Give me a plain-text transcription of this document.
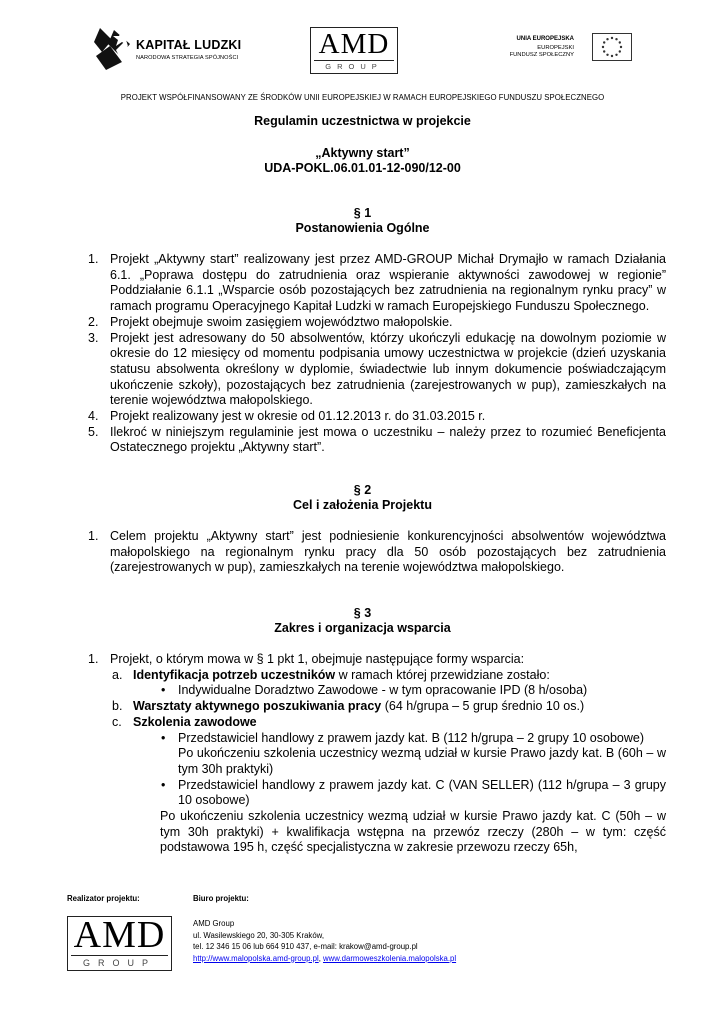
KAPITAŁ LUDZKI
NARODOWA STRATEGIA SPÓJNOŚCI	AMD
GROUP
UNIA EUROPEJSKA
EUROPEJSKI
FUNDUSZ SPOŁECZNY
PROJEKT WSPÓŁFINANSOWANY ZE ŚRODKÓW UNII EUROPEJSKIEJ W RAMACH EUROPEJSKIEGO FUNDUSZU SPOŁECZNEGO
Regulamin uczestnictwa w projekcie
„Aktywny start”
UDA-POKL.06.01.01-12-090/12-00
§ 1
Postanowienia Ogólne
1. Projekt „Aktywny start” realizowany jest przez AMD-GROUP Michał Drymajło w ramach Działania 6.1. „Poprawa dostępu do zatrudnienia oraz wspieranie aktywności zawodowej w regionie” Poddziałanie 6.1.1 „Wsparcie osób pozostających bez zatrudnienia na regionalnym rynku pracy” w ramach programu Operacyjnego Kapitał Ludzki w ramach Europejskiego Funduszu Społecznego.
2. Projekt obejmuje swoim zasięgiem województwo małopolskie.
3. Projekt jest adresowany do 50 absolwentów, którzy ukończyli edukację na dowolnym poziomie w okresie do 12 miesięcy od momentu podpisania umowy uczestnictwa w projekcie (dzień uzyskania statusu absolwenta określony w dyplomie, świadectwie lub innym dokumencie poświadczającym ukończenie szkoły), pozostających bez zatrudnienia (zarejestrowanych w pup), zamieszkałych na terenie województwa małopolskiego.
4. Projekt realizowany jest w okresie od 01.12.2013 r. do 31.03.2015 r.
5. Ilekroć w niniejszym regulaminie jest mowa o uczestniku – należy przez to rozumieć Beneficjenta Ostatecznego projektu „Aktywny start”.
§ 2
Cel i założenia Projektu
1. Celem projektu „Aktywny start” jest podniesienie konkurencyjności absolwentów województwa małopolskiego na regionalnym rynku pracy dla 50 osób pozostających bez zatrudnienia (zarejestrowanych w pup), zamieszkałych na terenie województwa małopolskiego.
§ 3
Zakres i organizacja wsparcia
1. Projekt, o którym mowa w § 1 pkt 1, obejmuje następujące formy wsparcia:
a. Identyfikacja potrzeb uczestników w ramach której przewidziane zostało:
• Indywidualne Doradztwo Zawodowe - w tym opracowanie IPD (8 h/osoba)
b. Warsztaty aktywnego poszukiwania pracy (64 h/grupa – 5 grup średnio 10 os.)
c. Szkolenia zawodowe
• Przedstawiciel handlowy z prawem jazdy kat. B (112 h/grupa – 2 grupy 10 osobowe)
Po ukończeniu szkolenia uczestnicy wezmą udział w kursie Prawo jazdy kat. B (60h – w tym 30h praktyki)
• Przedstawiciel handlowy z prawem jazdy kat. C (VAN SELLER) (112 h/grupa – 3 grupy 10 osobowe)
Po ukończeniu szkolenia uczestnicy wezmą udział w kursie Prawo jazdy kat. C (50h – w tym 30h praktyki) + kwalifikacja wstępna na przewóz rzeczy (280h – w tym: część podstawowa 195 h, część specjalistyczna w zakresie przewozu rzeczy 65h,
Realizator projektu:	Biuro projektu:
AMD
GROUP
AMD Group
ul. Wasilewskiego 20, 30-305 Kraków,
tel. 12 346 15 06 lub 664 910 437, e-mail: krakow@amd-group.pl
http://www.malopolska.amd-group.pl, www.darmoweszkolenia.malopolska.pl
